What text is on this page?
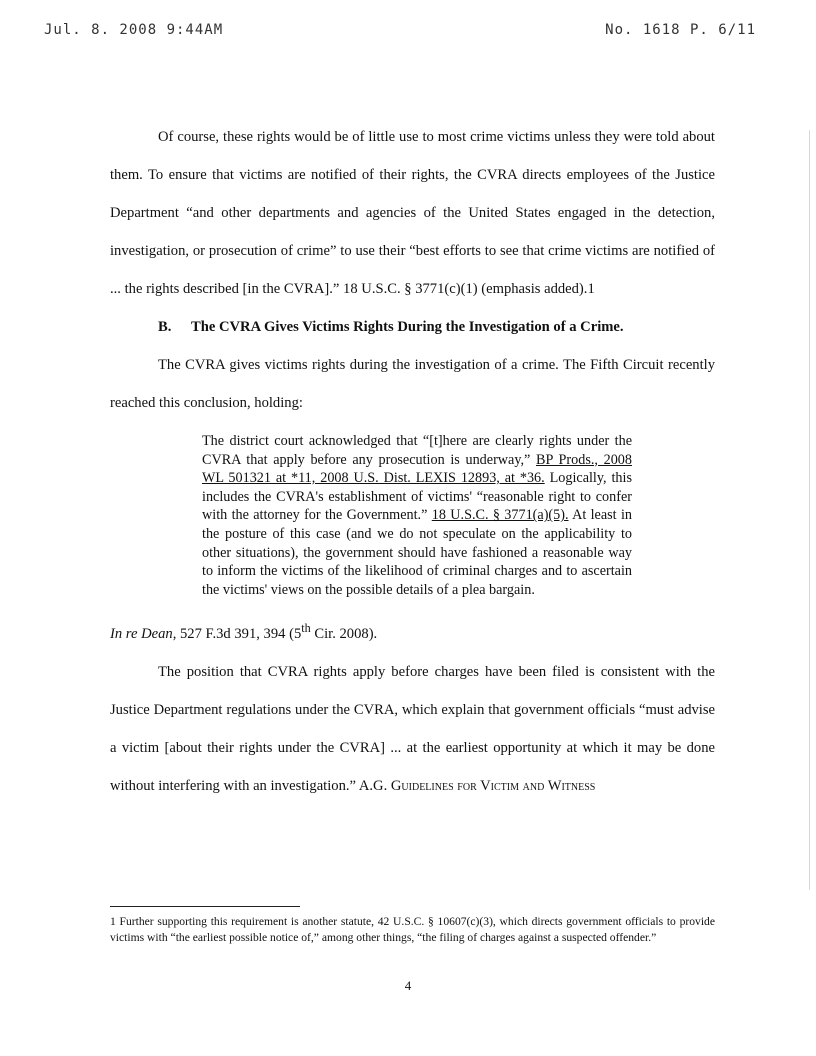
Jul. 8. 2008 9:44AM	No. 1618 P. 6/11

Of course, these rights would be of little use to most crime victims unless they were told about them. To ensure that victims are notified of their rights, the CVRA directs employees of the Justice Department “and other departments and agencies of the United States engaged in the detection, investigation, or prosecution of crime” to use their “best efforts to see that crime victims are notified of ... the rights described [in the CVRA].” 18 U.S.C. § 3771(c)(1) (emphasis added).1

B. The CVRA Gives Victims Rights During the Investigation of a Crime.

The CVRA gives victims rights during the investigation of a crime. The Fifth Circuit recently reached this conclusion, holding:

The district court acknowledged that “[t]here are clearly rights under the CVRA that apply before any prosecution is underway,” BP Prods., 2008 WL 501321 at *11, 2008 U.S. Dist. LEXIS 12893, at *36. Logically, this includes the CVRA's establishment of victims' “reasonable right to confer with the attorney for the Government.” 18 U.S.C. § 3771(a)(5). At least in the posture of this case (and we do not speculate on the applicability to other situations), the government should have fashioned a reasonable way to inform the victims of the likelihood of criminal charges and to ascertain the victims' views on the possible details of a plea bargain.

In re Dean, 527 F.3d 391, 394 (5th Cir. 2008).

The position that CVRA rights apply before charges have been filed is consistent with the Justice Department regulations under the CVRA, which explain that government officials “must advise a victim [about their rights under the CVRA] ... at the earliest opportunity at which it may be done without interfering with an investigation.” A.G. Guidelines for Victim and Witness

1 Further supporting this requirement is another statute, 42 U.S.C. § 10607(c)(3), which directs government officials to provide victims with “the earliest possible notice of,” among other things, “the filing of charges against a suspected offender.”
4
